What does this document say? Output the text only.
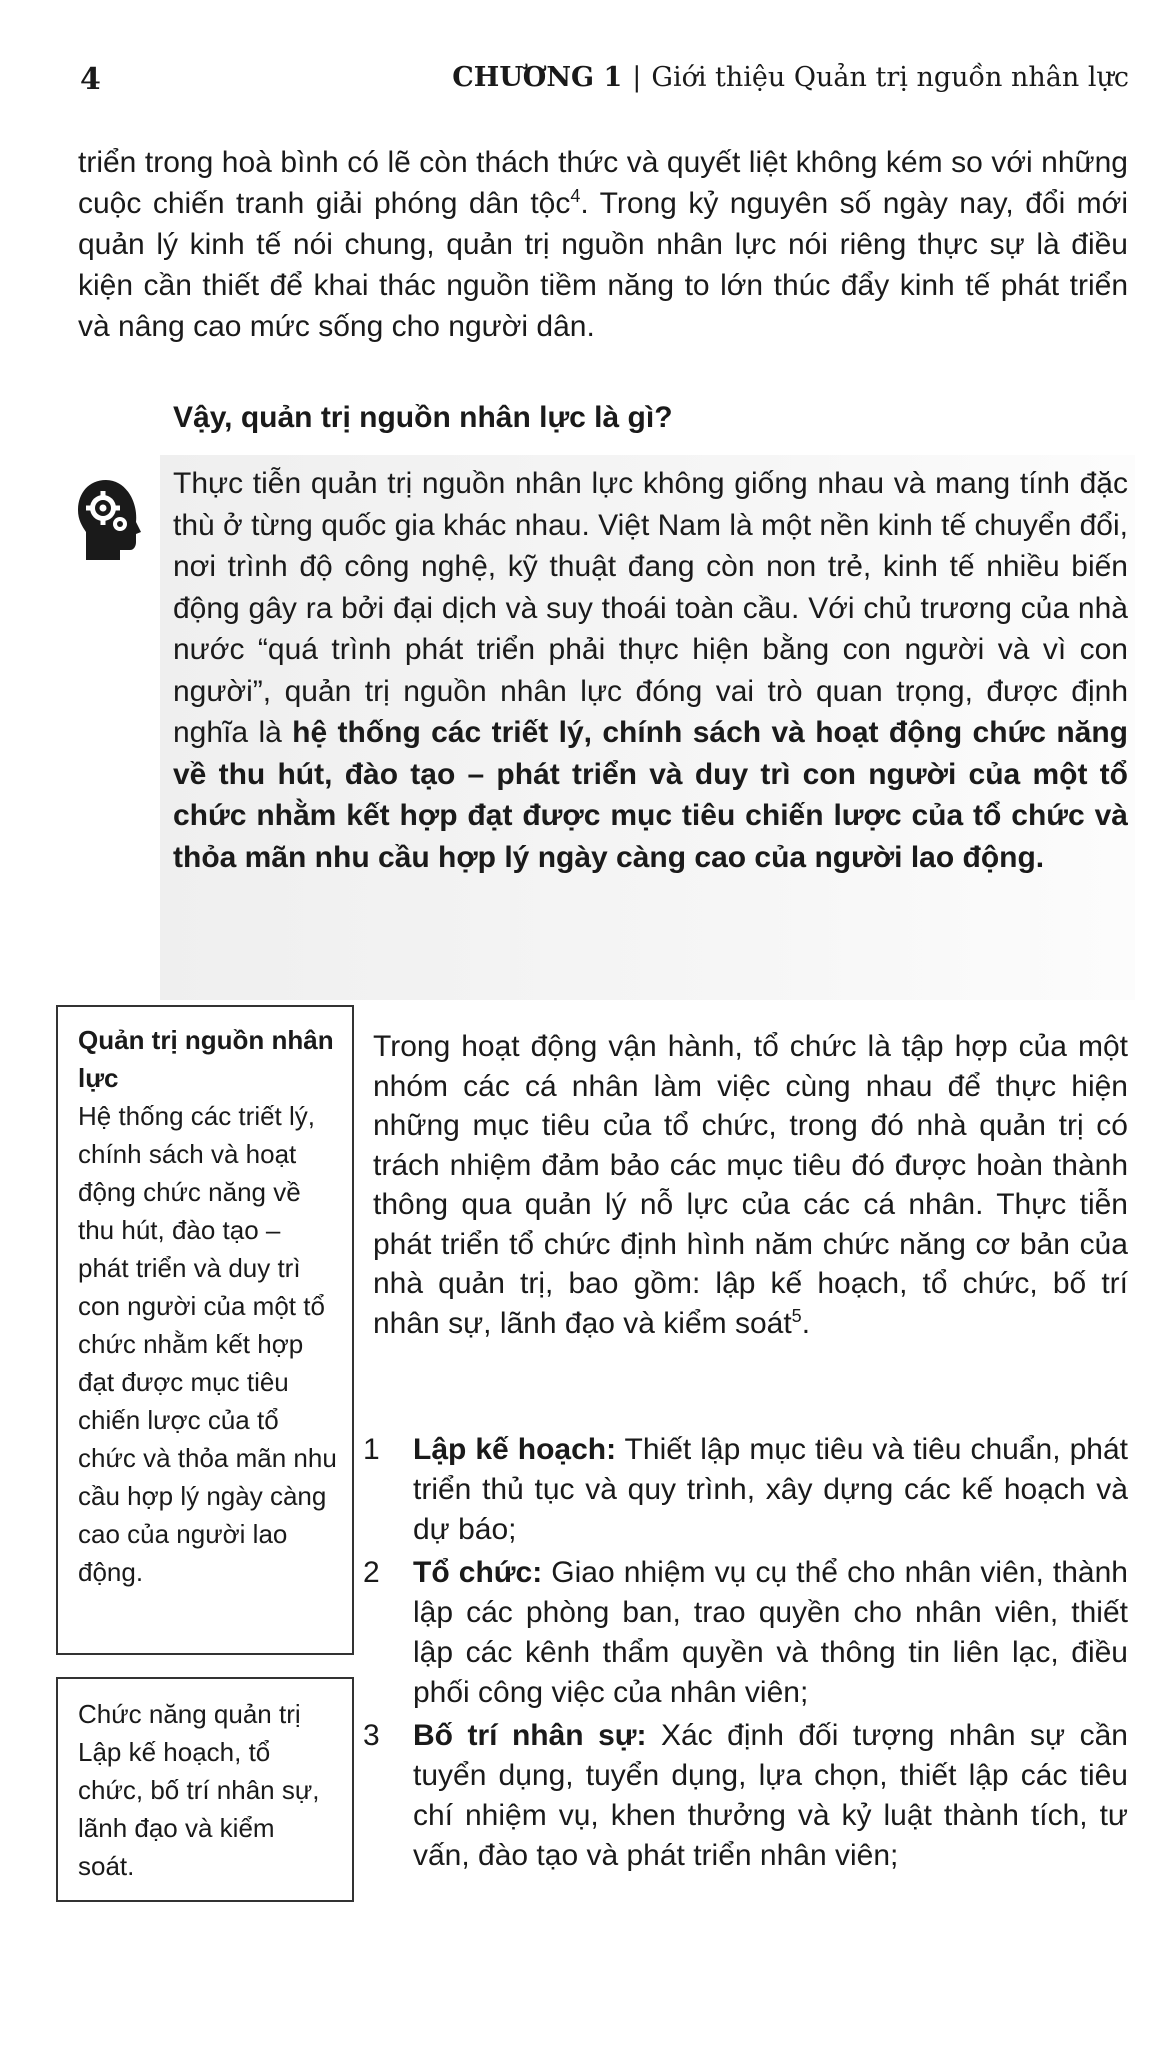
4	CHƯƠNG 1 | Giới thiệu Quản trị nguồn nhân lực

triển trong hoà bình có lẽ còn thách thức và quyết liệt không kém so với những cuộc chiến tranh giải phóng dân tộc$^4$. Trong kỷ nguyên số ngày nay, đổi mới quản lý kinh tế nói chung, quản trị nguồn nhân lực nói riêng thực sự là điều kiện cần thiết để khai thác nguồn tiềm năng to lớn thúc đẩy kinh tế phát triển và nâng cao mức sống cho người dân.

Vậy, quản trị nguồn nhân lực là gì?

Thực tiễn quản trị nguồn nhân lực không giống nhau và mang tính đặc thù ở từng quốc gia khác nhau. Việt Nam là một nền kinh tế chuyển đổi, nơi trình độ công nghệ, kỹ thuật đang còn non trẻ, kinh tế nhiều biến động gây ra bởi đại dịch và suy thoái toàn cầu. Với chủ trương của nhà nước “quá trình phát triển phải thực hiện bằng con người và vì con người”, quản trị nguồn nhân lực đóng vai trò quan trọng, được định nghĩa là hệ thống các triết lý, chính sách và hoạt động chức năng về thu hút, đào tạo – phát triển và duy trì con người của một tổ chức nhằm kết hợp đạt được mục tiêu chiến lược của tổ chức và thỏa mãn nhu cầu hợp lý ngày càng cao của người lao động.

Quản trị nguồn nhân lực
Hệ thống các triết lý, chính sách và hoạt động chức năng về thu hút, đào tạo – phát triển và duy trì con người của một tổ chức nhằm kết hợp đạt được mục tiêu chiến lược của tổ chức và thỏa mãn nhu cầu hợp lý ngày càng cao của người lao động.
Chức năng quản trị Lập kế hoạch, tổ chức, bố trí nhân sự, lãnh đạo và kiểm soát.

Trong hoạt động vận hành, tổ chức là tập hợp của một nhóm các cá nhân làm việc cùng nhau để thực hiện những mục tiêu của tổ chức, trong đó nhà quản trị có trách nhiệm đảm bảo các mục tiêu đó được hoàn thành thông qua quản lý nỗ lực của các cá nhân. Thực tiễn phát triển tổ chức định hình năm chức năng cơ bản của nhà quản trị, bao gồm: lập kế hoạch, tổ chức, bố trí nhân sự, lãnh đạo và kiểm soát$^5$.

1 Lập kế hoạch: Thiết lập mục tiêu và tiêu chuẩn, phát triển thủ tục và quy trình, xây dựng các kế hoạch và dự báo;
2 Tổ chức: Giao nhiệm vụ cụ thể cho nhân viên, thành lập các phòng ban, trao quyền cho nhân viên, thiết lập các kênh thẩm quyền và thông tin liên lạc, điều phối công việc của nhân viên;
3 Bố trí nhân sự: Xác định đối tượng nhân sự cần tuyển dụng, tuyển dụng, lựa chọn, thiết lập các tiêu chí nhiệm vụ, khen thưởng và kỷ luật thành tích, tư vấn, đào tạo và phát triển nhân viên;
